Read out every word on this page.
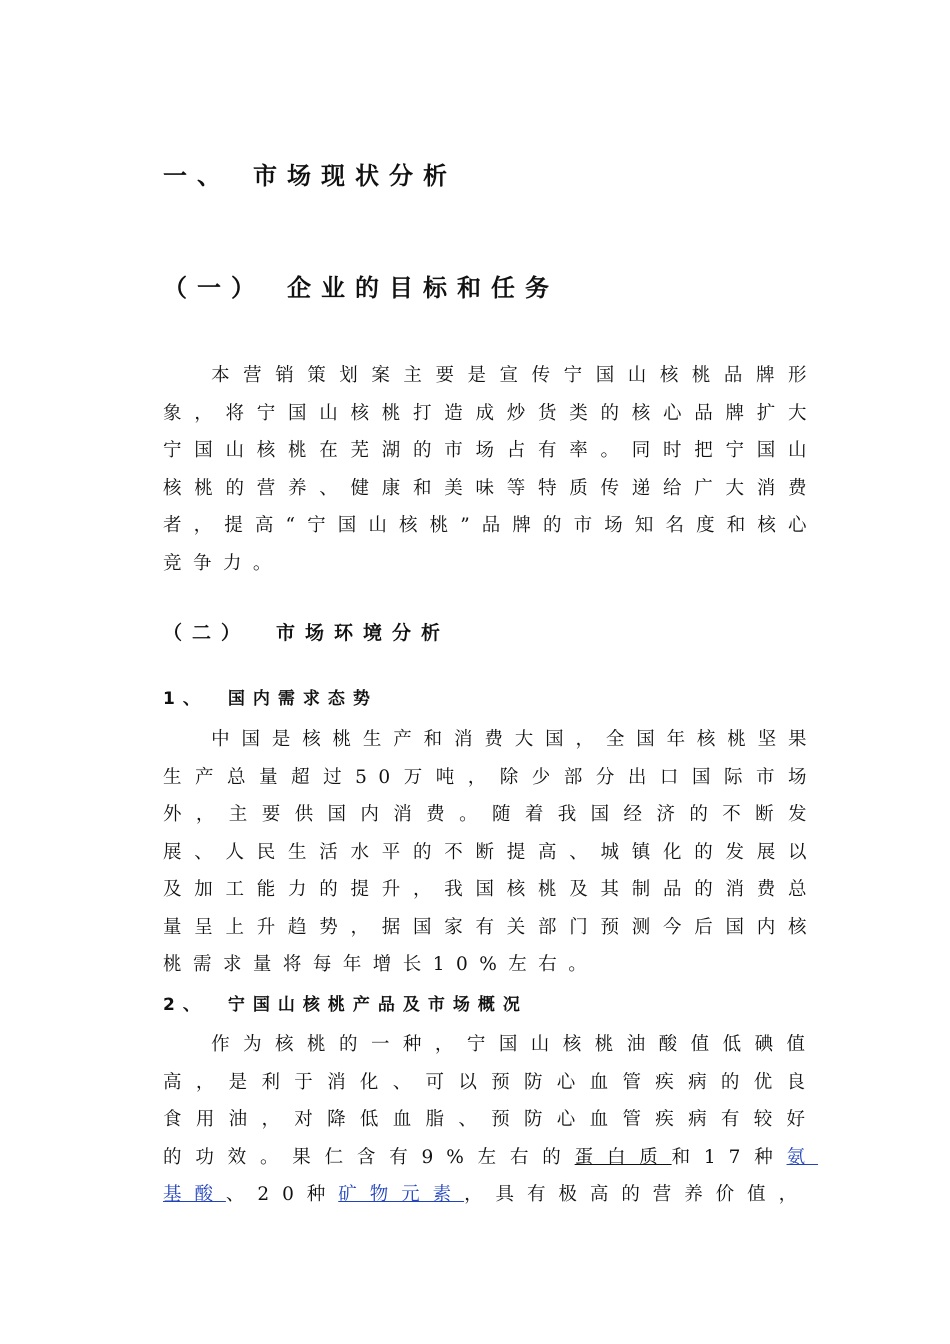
一、 市场现状分析
（一） 企业的目标和任务

本营销策划案主要是宣传宁国山核桃品牌形象，将宁国山核桃打造成炒货类的核心品牌扩大宁国山核桃在芜湖的市场占有率。同时把宁国山核桃的营养、健康和美味等特质传递给广大消费者，提高“宁国山核桃”品牌的市场知名度和核心竞争力。

（二） 市场环境分析
1、 国内需求态势

中国是核桃生产和消费大国，全国年核桃坚果生产总量超过50万吨，除少部分出口国际市场外，主要供国内消费。随着我国经济的不断发展、人民生活水平的不断提高、城镇化的发展以及加工能力的提升，我国核桃及其制品的消费总量呈上升趋势，据国家有关部门预测今后国内核桃需求量将每年增长10%左右。

2、 宁国山核桃产品及市场概况

作为核桃的一种，宁国山核桃油酸值低碘值高，是利于消化、可以预防心血管疾病的优良食用油，对降低血脂、预防心血管疾病有较好的功效。果仁含有9%左右的蛋白质和17种氨基酸、20种矿物元素，具有极高的营养价值，
